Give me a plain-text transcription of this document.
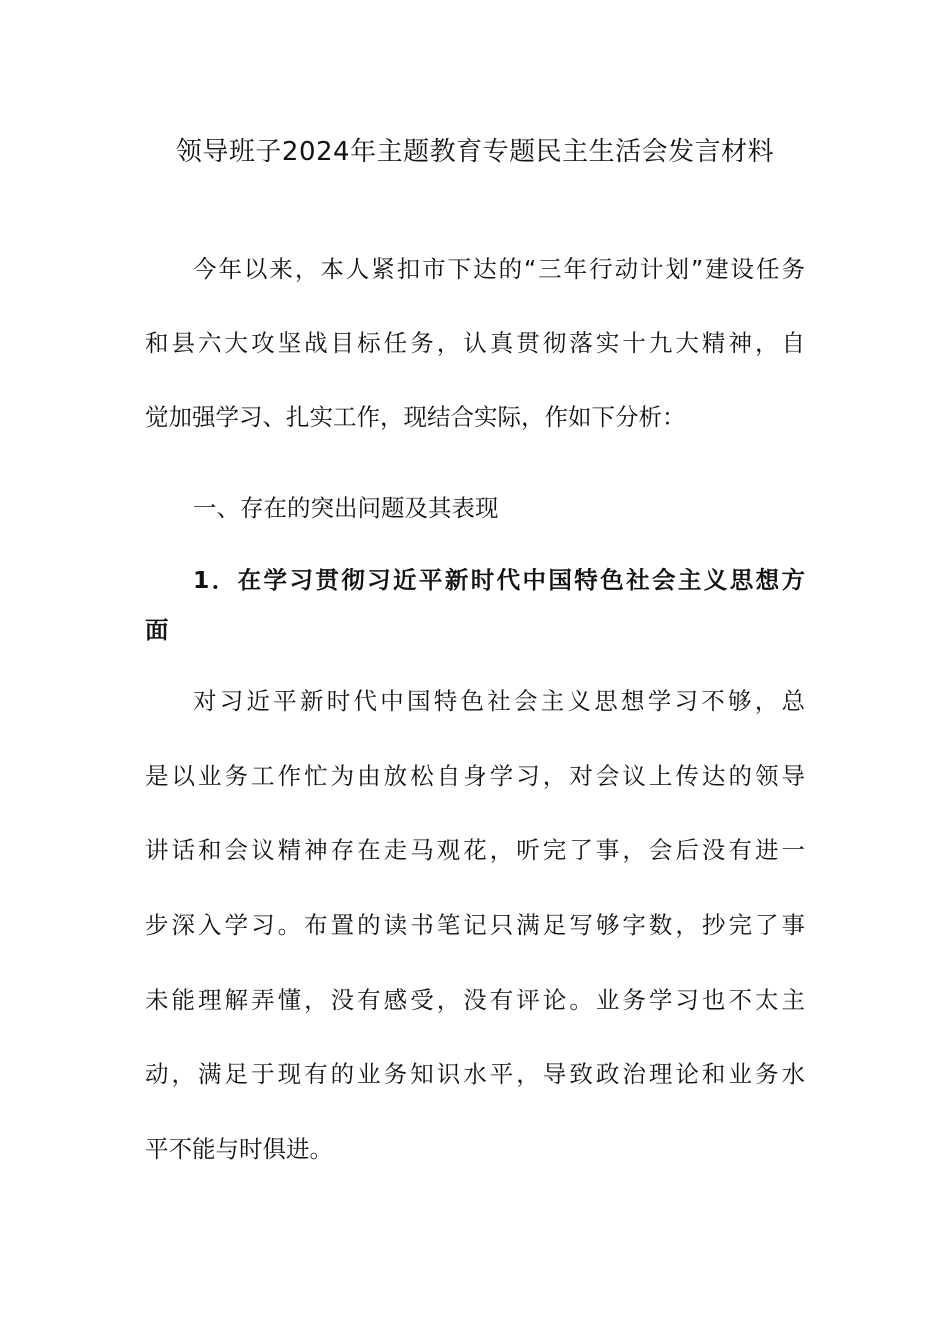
领导班子2024年主题教育专题民主生活会发言材料

今年以来，本人紧扣市下达的“三年行动计划”建设任务

和县六大攻坚战目标任务，认真贯彻落实十九大精神，自

觉加强学习、扎实工作，现结合实际，作如下分析：

一、存在的突出问题及其表现

1．在学习贯彻习近平新时代中国特色社会主义思想方

面

对习近平新时代中国特色社会主义思想学习不够，总

是以业务工作忙为由放松自身学习，对会议上传达的领导

讲话和会议精神存在走马观花，听完了事，会后没有进一

步深入学习。布置的读书笔记只满足写够字数，抄完了事

未能理解弄懂，没有感受，没有评论。业务学习也不太主

动，满足于现有的业务知识水平，导致政治理论和业务水

平不能与时俱进。
